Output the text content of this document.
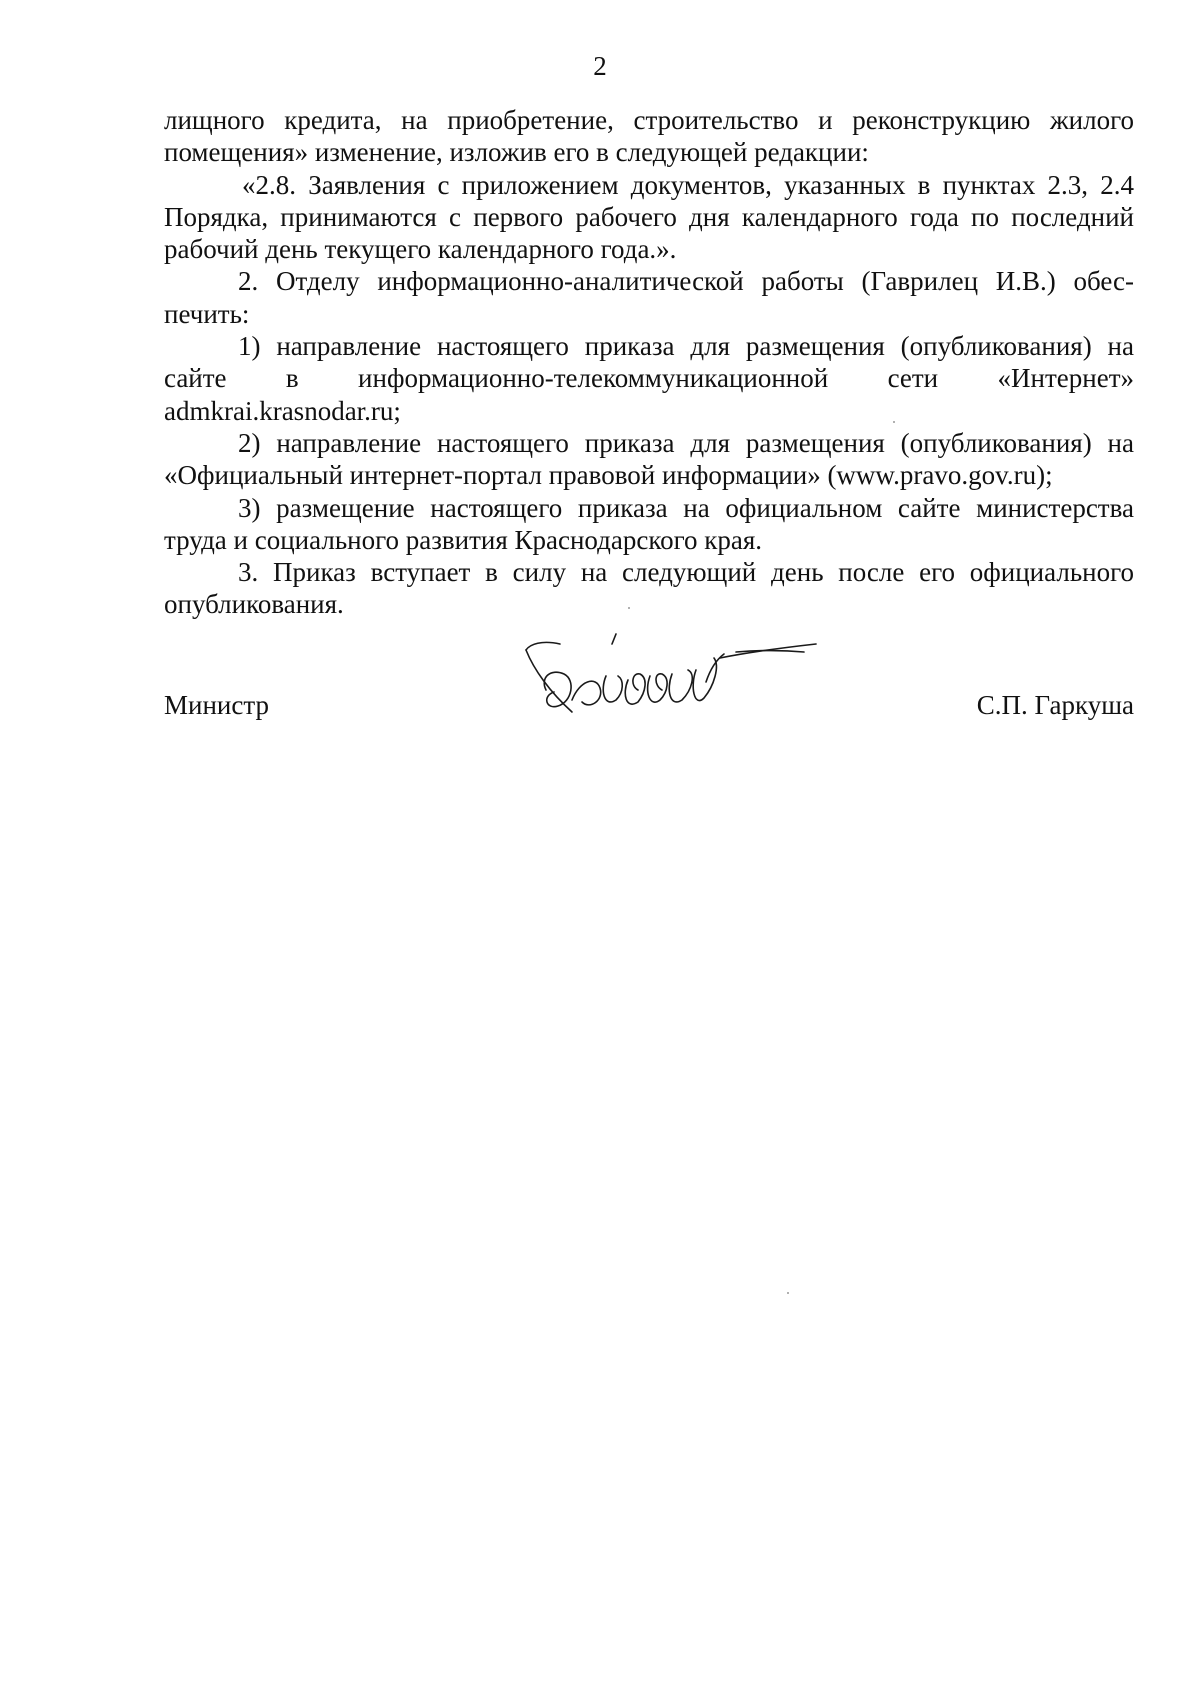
2

лищного кредита, на приобретение, строительство и реконструкцию жилого помещения» изменение, изложив его в следующей редакции:

«2.8. Заявления с приложением документов, указанных в пунктах 2.3, 2.4 Порядка, принимаются с первого рабочего дня календарного года по последний рабочий день текущего календарного года.».

2. Отделу информационно-аналитической работы (Гаврилец И.В.) обес-печить:

1) направление настоящего приказа для размещения (опубликования) на сайте в информационно-телекоммуникационной сети «Интернет» admkrai.krasnodar.ru;

2) направление настоящего приказа для размещения (опубликования) на «Официальный интернет-портал правовой информации» (www.pravo.gov.ru);

3) размещение настоящего приказа на официальном сайте министерства труда и социального развития Краснодарского края.

3. Приказ вступает в силу на следующий день после его официального опубликования.

Министр	С.П. Гаркуша
